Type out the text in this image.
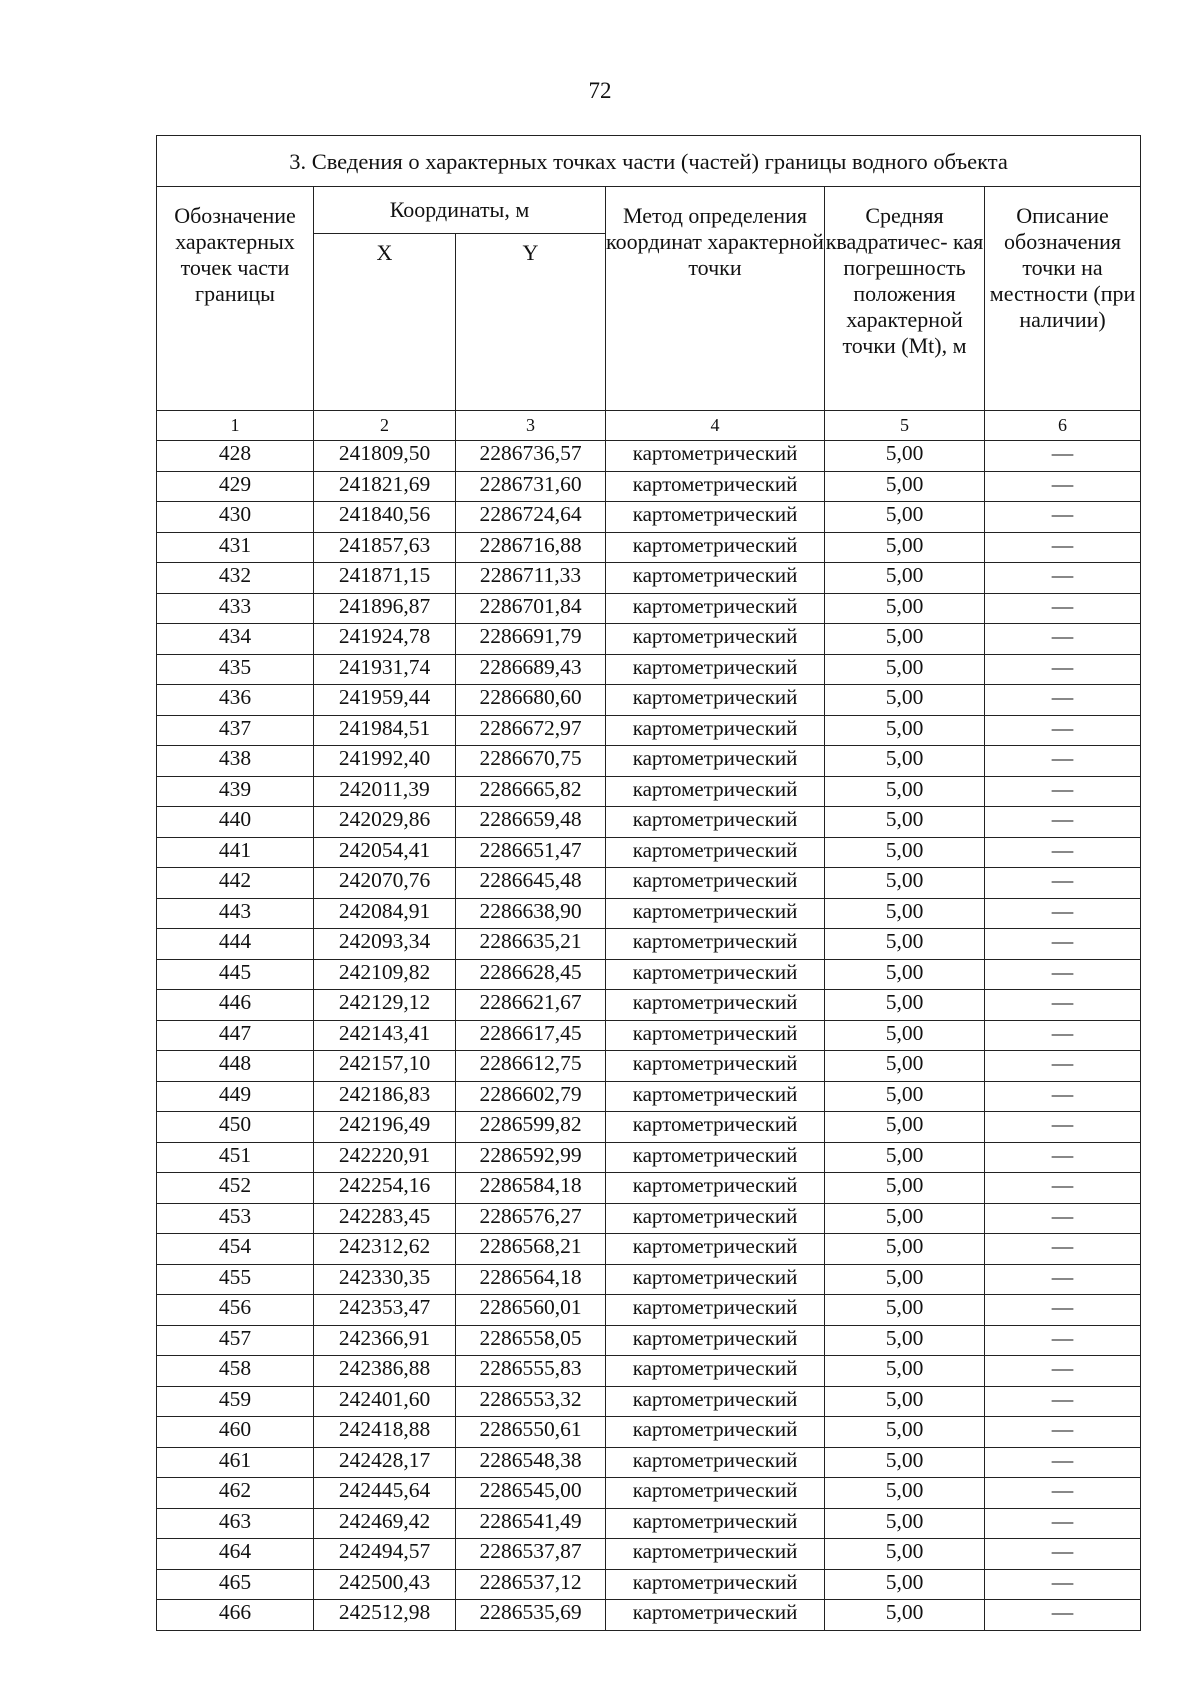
72
3. Сведения о характерных точках части (частей) границы водного объекта					
Обозначение характерных точек части границы	Координаты, м		Метод определения координат характерной точки	Средняя квадратичес- кая погрешность положения характерной точки (Mt), м	Описание обозначения точки на местности (при наличии)
	X	Y			
1	2	3	4	5	6
428	241809,50	2286736,57	картометрический	5,00	—
429	241821,69	2286731,60	картометрический	5,00	—
430	241840,56	2286724,64	картометрический	5,00	—
431	241857,63	2286716,88	картометрический	5,00	—
432	241871,15	2286711,33	картометрический	5,00	—
433	241896,87	2286701,84	картометрический	5,00	—
434	241924,78	2286691,79	картометрический	5,00	—
435	241931,74	2286689,43	картометрический	5,00	—
436	241959,44	2286680,60	картометрический	5,00	—
437	241984,51	2286672,97	картометрический	5,00	—
438	241992,40	2286670,75	картометрический	5,00	—
439	242011,39	2286665,82	картометрический	5,00	—
440	242029,86	2286659,48	картометрический	5,00	—
441	242054,41	2286651,47	картометрический	5,00	—
442	242070,76	2286645,48	картометрический	5,00	—
443	242084,91	2286638,90	картометрический	5,00	—
444	242093,34	2286635,21	картометрический	5,00	—
445	242109,82	2286628,45	картометрический	5,00	—
446	242129,12	2286621,67	картометрический	5,00	—
447	242143,41	2286617,45	картометрический	5,00	—
448	242157,10	2286612,75	картометрический	5,00	—
449	242186,83	2286602,79	картометрический	5,00	—
450	242196,49	2286599,82	картометрический	5,00	—
451	242220,91	2286592,99	картометрический	5,00	—
452	242254,16	2286584,18	картометрический	5,00	—
453	242283,45	2286576,27	картометрический	5,00	—
454	242312,62	2286568,21	картометрический	5,00	—
455	242330,35	2286564,18	картометрический	5,00	—
456	242353,47	2286560,01	картометрический	5,00	—
457	242366,91	2286558,05	картометрический	5,00	—
458	242386,88	2286555,83	картометрический	5,00	—
459	242401,60	2286553,32	картометрический	5,00	—
460	242418,88	2286550,61	картометрический	5,00	—
461	242428,17	2286548,38	картометрический	5,00	—
462	242445,64	2286545,00	картометрический	5,00	—
463	242469,42	2286541,49	картометрический	5,00	—
464	242494,57	2286537,87	картометрический	5,00	—
465	242500,43	2286537,12	картометрический	5,00	—
466	242512,98	2286535,69	картометрический	5,00	—
